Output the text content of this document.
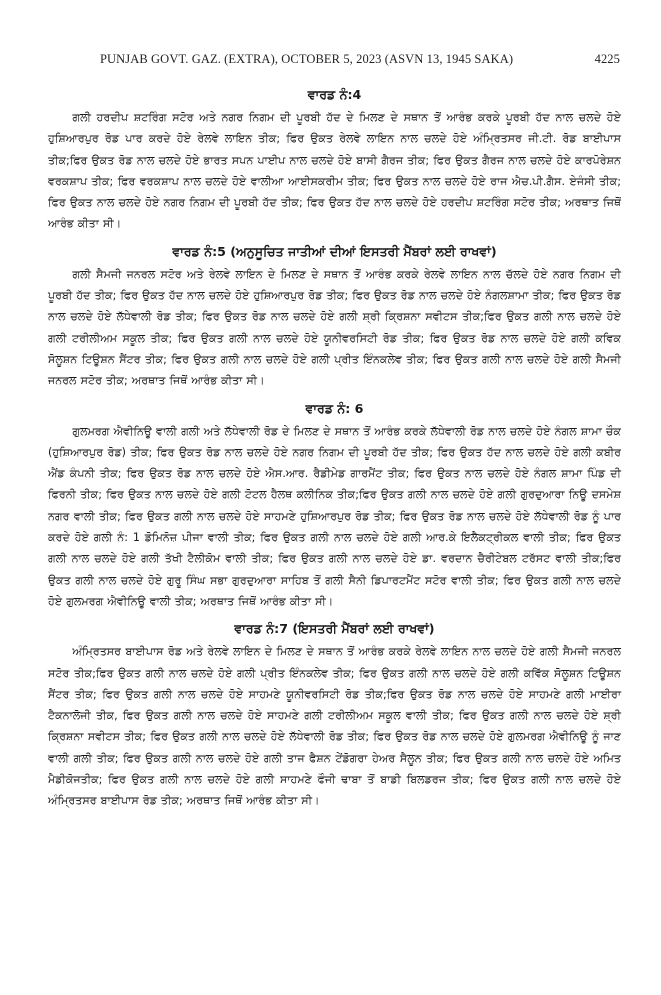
PUNJAB GOVT. GAZ. (EXTRA), OCTOBER 5, 2023 (ASVN 13, 1945 SAKA)	4225
ਵਾਰਡ ਨੰ:4

ਗਲੀ ਹਰਦੀਪ ਸ਼ਟਰਿੰਗ ਸਟੋਰ ਅਤੇ ਨਗਰ ਨਿਗਮ ਦੀ ਪੂਰਬੀ ਹੱਦ ਦੇ ਮਿਲਣ ਦੇ ਸਥਾਨ ਤੋਂ ਆਰੰਭ ਕਰਕੇ ਪੂਰਬੀ ਹੱਦ ਨਾਲ ਚਲਦੇ ਹੋਏ ਹੁਸ਼ਿਆਰਪੁਰ ਰੋਡ ਪਾਰ ਕਰਦੇ ਹੋਏ ਰੇਲਵੇ ਲਾਇਨ ਤੀਕ; ਫਿਰ ਉਕਤ ਰੇਲਵੇ ਲਾਇਨ ਨਾਲ ਚਲਦੇ ਹੋਏ ਅੰਮ੍ਰਿਤਸਰ ਜੀ.ਟੀ. ਰੋਡ ਬਾਈਪਾਸ ਤੀਕ;ਫਿਰ ਉਕਤ ਰੋਡ ਨਾਲ ਚਲਦੇ ਹੋਏ ਭਾਰਤ ਸਪਨ ਪਾਈਪ ਨਾਲ ਚਲਦੇ ਹੋਏ ਬਾਸੀ ਗੈਰਜ ਤੀਕ; ਫਿਰ ਉਕਤ ਗੈਰਜ ਨਾਲ ਚਲਦੇ ਹੋਏ ਕਾਰਪੋਰੇਸ਼ਨ ਵਰਕਸ਼ਾਪ ਤੀਕ; ਫਿਰ ਵਰਕਸ਼ਾਪ ਨਾਲ ਚਲਦੇ ਹੋਏ ਵਾਲੀਆ ਆਈਸਕਰੀਮ ਤੀਕ; ਫਿਰ ਉਕਤ ਨਾਲ ਚਲਦੇ ਹੋਏ ਰਾਜ ਐਚ.ਪੀ.ਗੈਸ. ਏਜੰਸੀ ਤੀਕ; ਫਿਰ ਉਕਤ ਨਾਲ ਚਲਦੇ ਹੋਏ ਨਗਰ ਨਿਗਮ ਦੀ ਪੂਰਬੀ ਹੱਦ ਤੀਕ; ਫਿਰ ਉਕਤ ਹੱਦ ਨਾਲ ਚਲਦੇ ਹੋਏ ਹਰਦੀਪ ਸ਼ਟਰਿੰਗ ਸਟੋਰ ਤੀਕ; ਅਰਥਾਤ ਜਿਥੋਂ ਆਰੰਭ ਕੀਤਾ ਸੀ।

ਵਾਰਡ ਨੰ:5 (ਅਨੁਸੂਚਿਤ ਜਾਤੀਆਂ ਦੀਆਂ ਇਸਤਰੀ ਮੈਂਬਰਾਂ ਲਈ ਰਾਖਵਾਂ)

ਗਲੀ ਸੈਮਜੀ ਜਨਰਲ ਸਟੋਰ ਅਤੇ ਰੇਲਵੇ ਲਾਇਨ ਦੇ ਮਿਲਣ ਦੇ ਸਥਾਨ ਤੋਂ ਆਰੰਭ ਕਰਕੇ ਰੇਲਵੇ ਲਾਇਨ ਨਾਲ ਚੱਲਦੇ ਹੋਏ ਨਗਰ ਨਿਗਮ ਦੀ ਪੂਰਬੀ ਹੱਦ ਤੀਕ; ਫਿਰ ਉਕਤ ਹੱਦ ਨਾਲ ਚਲਦੇ ਹੋਏ ਹੁਸ਼ਿਆਰਪੁਰ ਰੋਡ ਤੀਕ; ਫਿਰ ਉਕਤ ਰੋਡ ਨਾਲ ਚਲਦੇ ਹੋਏ ਨੰਗਲਸ਼ਾਮਾ ਤੀਕ; ਫਿਰ ਉਕਤ ਰੋਡ ਨਾਲ ਚਲਦੇ ਹੋਏ ਲੱਧੇਵਾਲੀ ਰੋਡ ਤੀਕ; ਫਿਰ ਉਕਤ ਰੋਡ ਨਾਲ ਚਲਦੇ ਹੋਏ ਗਲੀ ਸ਼੍ਰੀ ਕ੍ਰਿਸ਼ਨਾ ਸਵੀਟਸ ਤੀਕ;ਫਿਰ ਉਕਤ ਗਲੀ ਨਾਲ ਚਲਦੇ ਹੋਏ ਗਲੀ ਟਰੀਲੀਅਮ ਸਕੂਲ ਤੀਕ; ਫਿਰ ਉਕਤ ਗਲੀ ਨਾਲ ਚਲਦੇ ਹੋਏ ਯੂਨੀਵਰਸਿਟੀ ਰੋਡ ਤੀਕ; ਫਿਰ ਉਕਤ ਰੋਡ ਨਾਲ ਚਲਦੇ ਹੋਏ ਗਲੀ ਕਵਿਕ ਸੋਲੂਸ਼ਨ ਟਿਊਸ਼ਨ ਸੈਂਟਰ ਤੀਕ; ਫਿਰ ਉਕਤ ਗਲੀ ਨਾਲ ਚਲਦੇ ਹੋਏ ਗਲੀ ਪ੍ਰੀਤ ਇੰਨਕਲੇਵ ਤੀਕ; ਫਿਰ ਉਕਤ ਗਲੀ ਨਾਲ ਚਲਦੇ ਹੋਏ ਗਲੀ ਸੈਮਜੀ ਜਨਰਲ ਸਟੋਰ ਤੀਕ; ਅਰਥਾਤ ਜਿਥੋਂ ਆਰੰਭ ਕੀਤਾ ਸੀ।

ਵਾਰਡ ਨੰ: 6

ਗੁਲਮਰਗ ਐਵੀਨਿਊ ਵਾਲੀ ਗਲੀ ਅਤੇ ਲੱਧੇਵਾਲੀ ਰੋਡ ਦੇ ਮਿਲਣ ਦੇ ਸਥਾਨ ਤੋਂ ਆਰੰਭ ਕਰਕੇ ਲੱਧੇਵਾਲੀ ਰੋਡ ਨਾਲ ਚਲਦੇ ਹੋਏ ਨੰਗਲ ਸ਼ਾਮਾ ਚੌਕ (ਹੁਸ਼ਿਆਰਪੁਰ ਰੋਡ) ਤੀਕ; ਫਿਰ ਉਕਤ ਰੋਡ ਨਾਲ ਚਲਦੇ ਹੋਏ ਨਗਰ ਨਿਗਮ ਦੀ ਪੂਰਬੀ ਹੱਦ ਤੀਕ; ਫਿਰ ਉਕਤ ਹੱਦ ਨਾਲ ਚਲਦੇ ਹੋਏ ਗਲੀ ਕਬੀਰ ਐਂਡ ਕੰਪਨੀ ਤੀਕ; ਫਿਰ ਉਕਤ ਰੋਡ ਨਾਲ ਚਲਦੇ ਹੋਏ ਐਸ.ਆਰ. ਰੈਡੀਮੇਡ ਗਾਰਮੈਂਟ ਤੀਕ; ਫਿਰ ਉਕਤ ਨਾਲ ਚਲਦੇ ਹੋਏ ਨੰਗਲ ਸ਼ਾਮਾ ਪਿੰਡ ਦੀ ਫਿਰਨੀ ਤੀਕ; ਫਿਰ ਉਕਤ ਨਾਲ ਚਲਦੇ ਹੋਏ ਗਲੀ ਟੋਟਲ ਹੈਲਥ ਕਲੀਨਿਕ ਤੀਕ;ਫਿਰ ਉਕਤ ਗਲੀ ਨਾਲ ਚਲਦੇ ਹੋਏ ਗਲੀ ਗੁਰਦੁਆਰਾ ਨਿਊ ਦਸਮੇਸ਼ ਨਗਰ ਵਾਲੀ ਤੀਕ; ਫਿਰ ਉਕਤ ਗਲੀ ਨਾਲ ਚਲਦੇ ਹੋਏ ਸਾਹਮਣੇ ਹੁਸ਼ਿਆਰਪੁਰ ਰੋਡ ਤੀਕ; ਫਿਰ ਉਕਤ ਰੋਡ ਨਾਲ ਚਲਦੇ ਹੋਏ ਲੱਧੇਵਾਲੀ ਰੋਡ ਨੂੰ ਪਾਰ ਕਰਦੇ ਹੋਏ ਗਲੀ ਨੰ: 1 ਡੋਮਿਨੋਜ਼ ਪੀਜਾ ਵਾਲੀ ਤੀਕ; ਫਿਰ ਉਕਤ ਗਲੀ ਨਾਲ ਚਲਦੇ ਹੋਏ ਗਲੀ ਆਰ.ਕੇ ਇਲੈਕਟ੍ਰੀਕਲ ਵਾਲੀ ਤੀਕ; ਫਿਰ ਉਕਤ ਗਲੀ ਨਾਲ ਚਲਦੇ ਹੋਏ ਗਲੀ ਤੱਖੀ ਟੈਲੀਕੋਮ ਵਾਲੀ ਤੀਕ; ਫਿਰ ਉਕਤ ਗਲੀ ਨਾਲ ਚਲਦੇ ਹੋਏ ਡਾ. ਵਰਦਾਨ ਚੈਰੀਟੇਬਲ ਟਰੱਸਟ ਵਾਲੀ ਤੀਕ;ਫਿਰ ਉਕਤ ਗਲੀ ਨਾਲ ਚਲਦੇ ਹੋਏ ਗੁਰੂ ਸਿੰਘ ਸਭਾ ਗੁਰਦੁਆਰਾ ਸਾਹਿਬ ਤੋਂ ਗਲੀ ਸੈਨੀ ਡਿਪਾਰਟਮੈਂਟ ਸਟੋਰ ਵਾਲੀ ਤੀਕ; ਫਿਰ ਉਕਤ ਗਲੀ ਨਾਲ ਚਲਦੇ ਹੋਏ ਗੁਲਮਰਗ ਐਵੀਨਿਊ ਵਾਲੀ ਤੀਕ; ਅਰਥਾਤ ਜਿਥੋਂ ਆਰੰਭ ਕੀਤਾ ਸੀ।

ਵਾਰਡ ਨੰ:7 (ਇਸਤਰੀ ਮੈਂਬਰਾਂ ਲਈ ਰਾਖਵਾਂ)

ਅੰਮ੍ਰਿਤਸਰ ਬਾਈਪਾਸ ਰੋਡ ਅਤੇ ਰੇਲਵੇ ਲਾਇਨ ਦੇ ਮਿਲਣ ਦੇ ਸਥਾਨ ਤੋਂ ਆਰੰਭ ਕਰਕੇ ਰੇਲਵੇ ਲਾਇਨ ਨਾਲ ਚਲਦੇ ਹੋਏ ਗਲੀ ਸੈਮਜੀ ਜਨਰਲ ਸਟੋਰ ਤੀਕ;ਫਿਰ ਉਕਤ ਗਲੀ ਨਾਲ ਚਲਦੇ ਹੋਏ ਗਲੀ ਪ੍ਰੀਤ ਇੰਨਕਲੇਵ ਤੀਕ; ਫਿਰ ਉਕਤ ਗਲੀ ਨਾਲ ਚਲਦੇ ਹੋਏ ਗਲੀ ਕਵਿੱਕ ਸੋਲੂਸ਼ਨ ਟਿਊਸ਼ਨ ਸੈਂਟਰ ਤੀਕ; ਫਿਰ ਉਕਤ ਗਲੀ ਨਾਲ ਚਲਦੇ ਹੋਏ ਸਾਹਮਣੇ ਯੂਨੀਵਰਸਿਟੀ ਰੋਡ ਤੀਕ;ਫਿਰ ਉਕਤ ਰੋਡ ਨਾਲ ਚਲਦੇ ਹੋਏ ਸਾਹਮਣੇ ਗਲੀ ਮਾਈਰਾ ਟੈਕਨਾਲੋਜੀ ਤੀਕ, ਫਿਰ ਉਕਤ ਗਲੀ ਨਾਲ ਚਲਦੇ ਹੋਏ ਸਾਹਮਣੇ ਗਲੀ ਟਰੀਲੀਅਮ ਸਕੂਲ ਵਾਲੀ ਤੀਕ; ਫਿਰ ਉਕਤ ਗਲੀ ਨਾਲ ਚਲਦੇ ਹੋਏ ਸ਼੍ਰੀ ਕ੍ਰਿਸ਼ਨਾ ਸਵੀਟਸ ਤੀਕ; ਫਿਰ ਉਕਤ ਗਲੀ ਨਾਲ ਚਲਦੇ ਹੋਏ ਲੱਧੇਵਾਲੀ ਰੋਡ ਤੀਕ; ਫਿਰ ਉਕਤ ਰੋਡ ਨਾਲ ਚਲਦੇ ਹੋਏ ਗੁਲਮਰਗ ਐਵੀਨਿਊ ਨੂੰ ਜਾਣ ਵਾਲੀ ਗਲੀ ਤੀਕ; ਫਿਰ ਉਕਤ ਗਲੀ ਨਾਲ ਚਲਦੇ ਹੋਏ ਗਲੀ ਤਾਜ ਫੈਸ਼ਨ ਟੇਂਡੋਗਰਾ ਹੇਅਰ ਸੈਲੂਨ ਤੀਕ; ਫਿਰ ਉਕਤ ਗਲੀ ਨਾਲ ਚਲਦੇ ਹੋਏ ਅਮਿਤ ਮੈਡੀਕੋਜਤੀਕ; ਫਿਰ ਉਕਤ ਗਲੀ ਨਾਲ ਚਲਦੇ ਹੋਏ ਗਲੀ ਸਾਹਮਣੇ ਫੌਜੀ ਢਾਬਾ ਤੋਂ ਬਾਡੀ ਬਿਲਡਰਜ ਤੀਕ; ਫਿਰ ਉਕਤ ਗਲੀ ਨਾਲ ਚਲਦੇ ਹੋਏ ਅੰਮ੍ਰਿਤਸਰ ਬਾਈਪਾਸ ਰੋਡ ਤੀਕ; ਅਰਥਾਤ ਜਿਥੋਂ ਆਰੰਭ ਕੀਤਾ ਸੀ।
